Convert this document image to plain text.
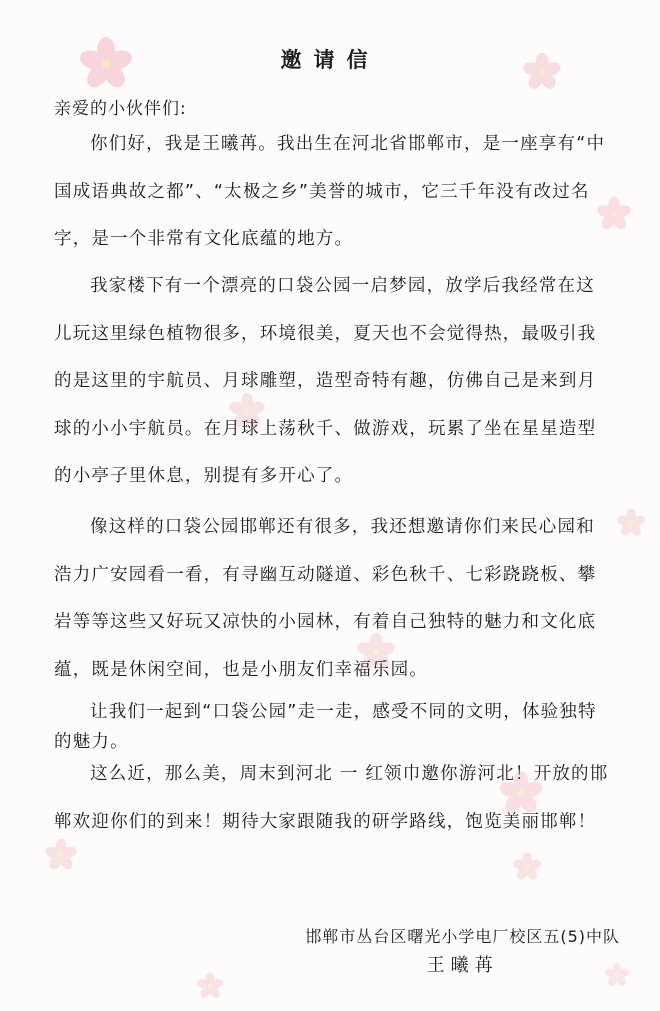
邀请信
亲爱的小伙伴们:

你们好，我是王曦苒。我出生在河北省邯郸市，是一座享有“中国成语典故之都”、“太极之乡”美誉的城市，它三千年没有改过名字，是一个非常有文化底蕴的地方。

我家楼下有一个漂亮的口袋公园一启梦园，放学后我经常在这儿玩这里绿色植物很多，环境很美，夏天也不会觉得热，最吸引我的是这里的宇航员、月球雕塑，造型奇特有趣，仿佛自己是来到月球的小小宇航员。在月球上荡秋千、做游戏，玩累了坐在星星造型的小亭子里休息，别提有多开心了。

像这样的口袋公园邯郸还有很多，我还想邀请你们来民心园和浩力广安园看一看，有寻幽互动隧道、彩色秋千、七彩跷跷板、攀岩等等这些又好玩又凉快的小园林，有着自己独特的魅力和文化底蕴，既是休闲空间，也是小朋友们幸福乐园。

让我们一起到“口袋公园”走一走，感受不同的文明，体验独特的魅力。

这么近，那么美，周末到河北 一 红领巾邀你游河北！开放的邯郸欢迎你们的到来！期待大家跟随我的研学路线，饱览美丽邯郸！

邯郸市丛台区曙光小学电厂校区五(5)中队
王曦苒
